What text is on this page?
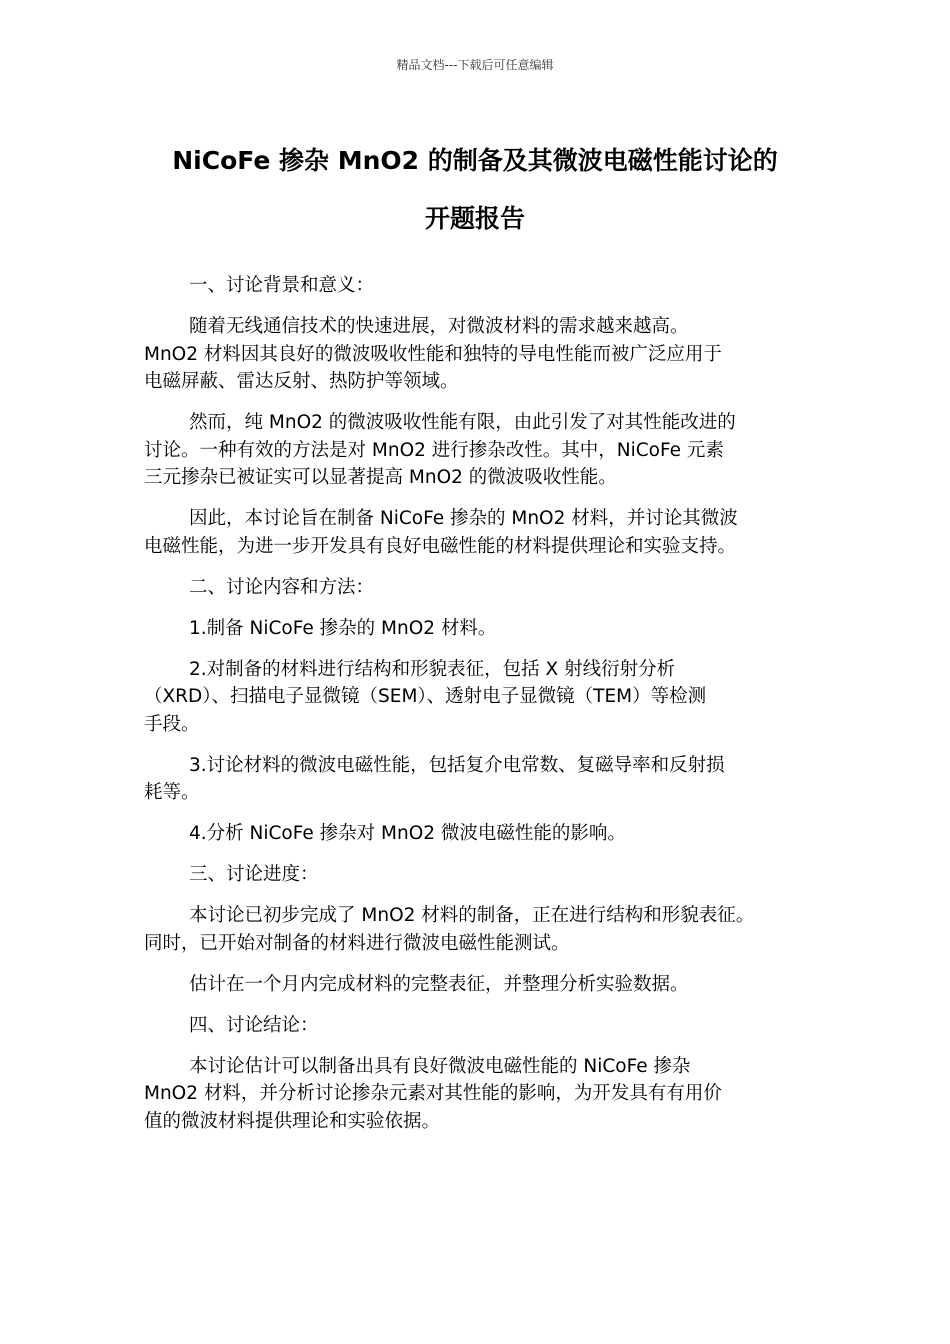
精品文档---下载后可任意编辑
NiCoFe 掺杂 MnO2 的制备及其微波电磁性能讨论的
开题报告

一、讨论背景和意义：

随着无线通信技术的快速进展，对微波材料的需求越来越高。
MnO2 材料因其良好的微波吸收性能和独特的导电性能而被广泛应用于
电磁屏蔽、雷达反射、热防护等领域。

然而，纯 MnO2 的微波吸收性能有限，由此引发了对其性能改进的
讨论。一种有效的方法是对 MnO2 进行掺杂改性。其中，NiCoFe 元素
三元掺杂已被证实可以显著提高 MnO2 的微波吸收性能。

因此，本讨论旨在制备 NiCoFe 掺杂的 MnO2 材料，并讨论其微波
电磁性能，为进一步开发具有良好电磁性能的材料提供理论和实验支持。

二、讨论内容和方法：

1.制备 NiCoFe 掺杂的 MnO2 材料。

2.对制备的材料进行结构和形貌表征，包括 X 射线衍射分析
（XRD）、扫描电子显微镜（SEM）、透射电子显微镜（TEM）等检测
手段。

3.讨论材料的微波电磁性能，包括复介电常数、复磁导率和反射损
耗等。

4.分析 NiCoFe 掺杂对 MnO2 微波电磁性能的影响。

三、讨论进度：

本讨论已初步完成了 MnO2 材料的制备，正在进行结构和形貌表征。
同时，已开始对制备的材料进行微波电磁性能测试。

估计在一个月内完成材料的完整表征，并整理分析实验数据。

四、讨论结论：

本讨论估计可以制备出具有良好微波电磁性能的 NiCoFe 掺杂
MnO2 材料，并分析讨论掺杂元素对其性能的影响，为开发具有有用价
值的微波材料提供理论和实验依据。
